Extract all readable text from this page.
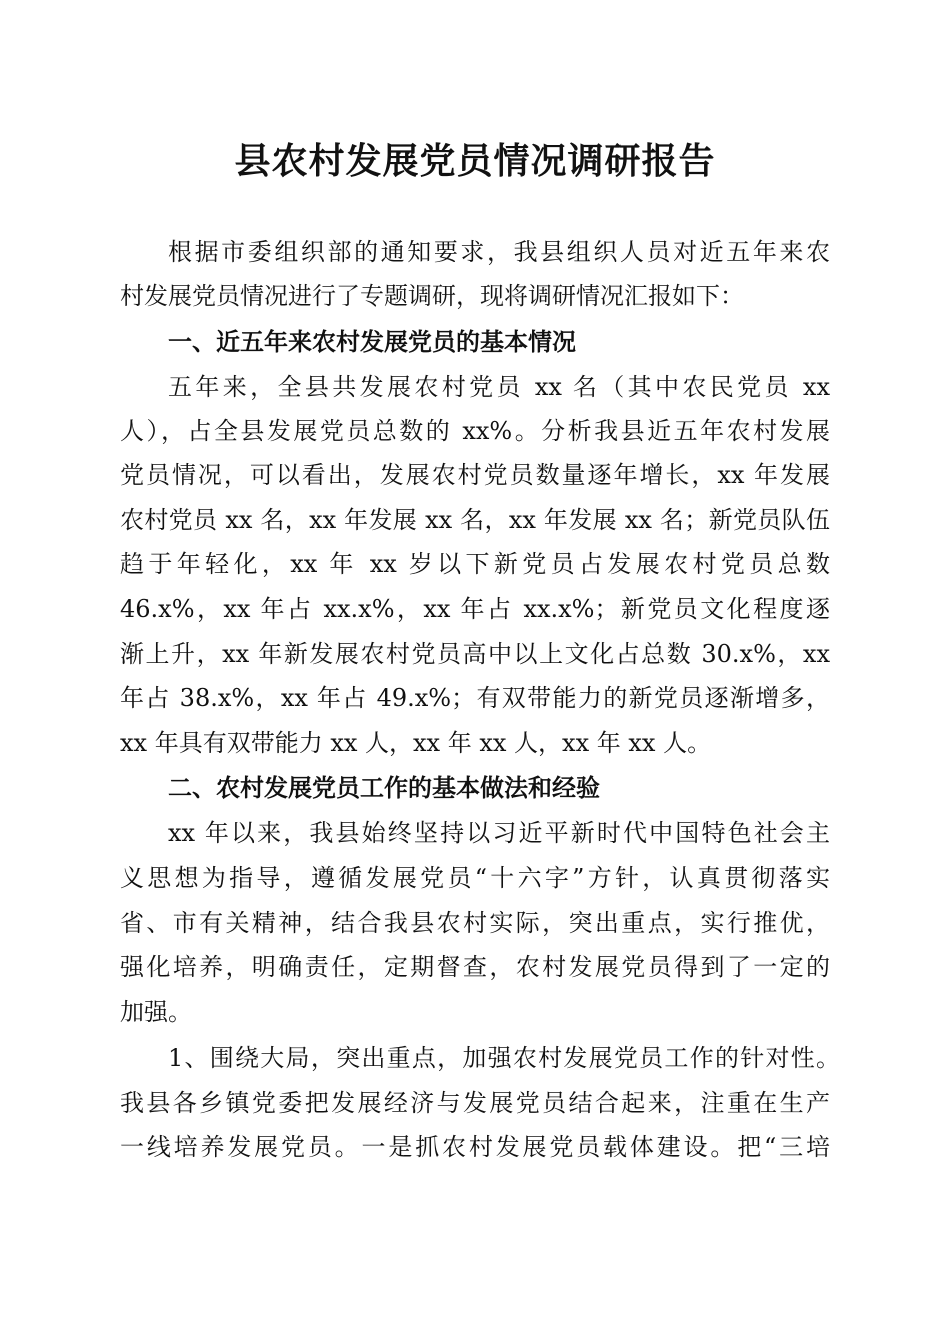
县农村发展党员情况调研报告
根据市委组织部的通知要求，我县组织人员对近五年来农
村发展党员情况进行了专题调研，现将调研情况汇报如下：
一、近五年来农村发展党员的基本情况
五年来，全县共发展农村党员 xx 名（其中农民党员 xx
人），占全县发展党员总数的 xx%。分析我县近五年农村发展
党员情况，可以看出，发展农村党员数量逐年增长，xx 年发展
农村党员 xx 名，xx 年发展 xx 名，xx 年发展 xx 名；新党员队伍
趋于年轻化，xx 年 xx 岁以下新党员占发展农村党员总数
46.x%，xx 年占 xx.x%，xx 年占 xx.x%；新党员文化程度逐
渐上升，xx 年新发展农村党员高中以上文化占总数 30.x%，xx
年占 38.x%，xx 年占 49.x%；有双带能力的新党员逐渐增多，
xx 年具有双带能力 xx 人，xx 年 xx 人，xx 年 xx 人。
二、农村发展党员工作的基本做法和经验
xx 年以来，我县始终坚持以习近平新时代中国特色社会主
义思想为指导，遵循发展党员“十六字”方针，认真贯彻落实
省、市有关精神，结合我县农村实际，突出重点，实行推优，
强化培养，明确责任，定期督查，农村发展党员得到了一定的
加强。
1、围绕大局，突出重点，加强农村发展党员工作的针对性。
我县各乡镇党委把发展经济与发展党员结合起来，注重在生产
一线培养发展党员。一是抓农村发展党员载体建设。把“三培
